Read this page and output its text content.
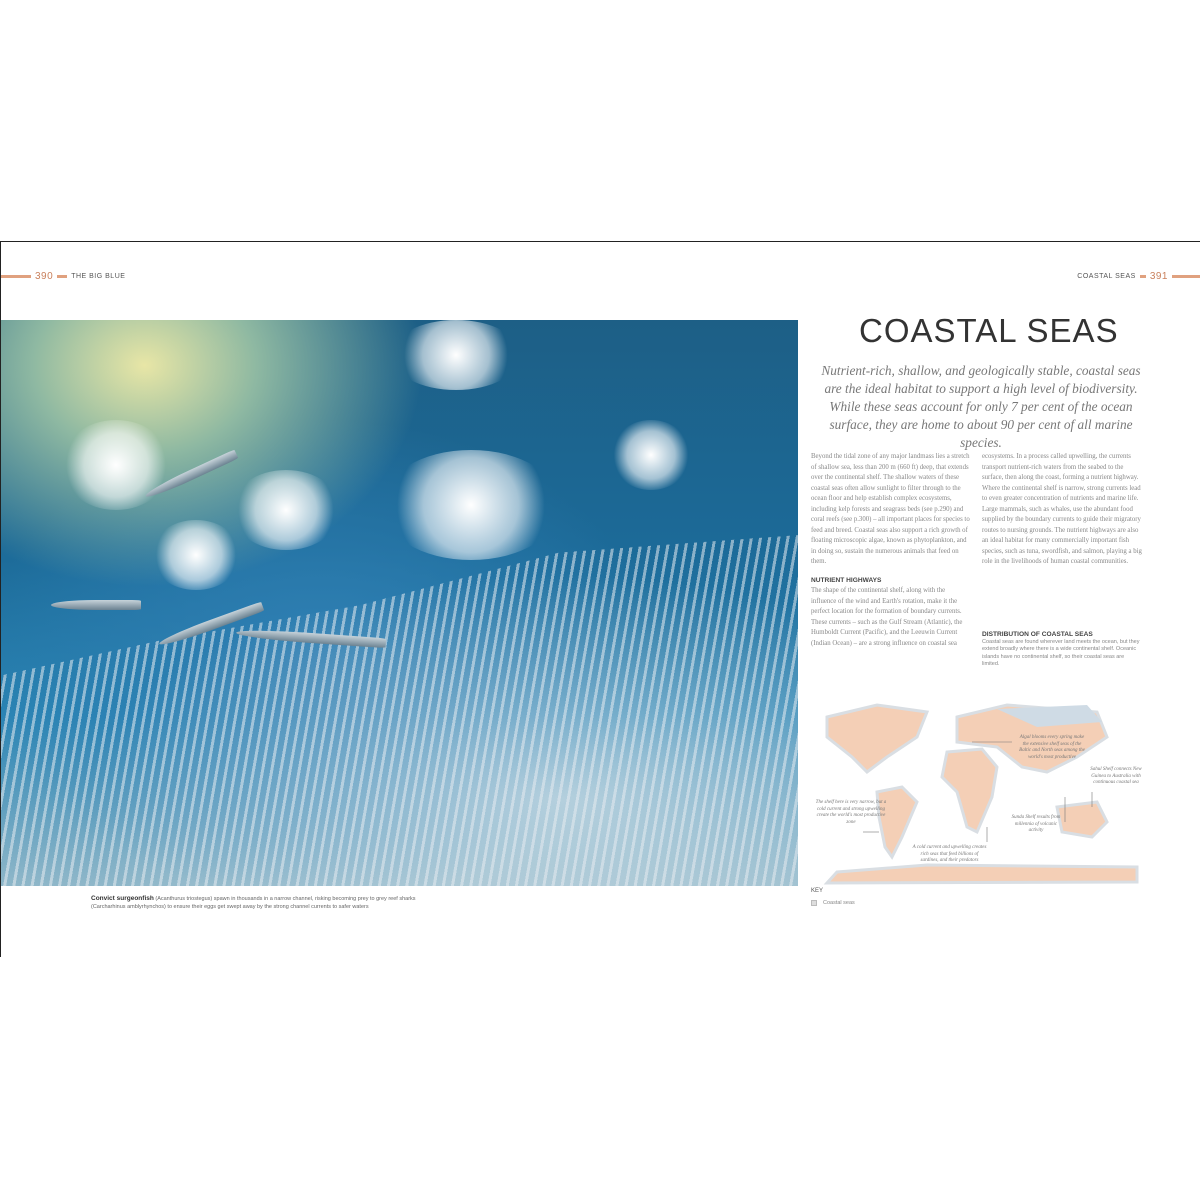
390	THE BIG BLUE	COASTAL SEAS 391
Convict surgeonfish (Acanthurus triostegus) spawn in thousands in a narrow channel, risking becoming prey to grey reef sharks (Carcharhinus amblyrhynchos) to ensure their eggs get swept away by the strong channel currents to safer waters
COASTAL SEAS
Nutrient-rich, shallow, and geologically stable, coastal seas are the ideal habitat to support a high level of biodiversity. While these seas account for only 7 per cent of the ocean surface, they are home to about 90 per cent of all marine species.

Beyond the tidal zone of any major landmass lies a stretch of shallow sea, less than 200 m (660 ft) deep, that extends over the continental shelf. The shallow waters of these coastal seas often allow sunlight to filter through to the ocean floor and help establish complex ecosystems, including kelp forests and seagrass beds (see p.290) and coral reefs (see p.300) – all important places for species to feed and breed. Coastal seas also support a rich growth of floating microscopic algae, known as phytoplankton, and in doing so, sustain the numerous animals that feed on them.

NUTRIENT HIGHWAYS

The shape of the continental shelf, along with the influence of the wind and Earth's rotation, make it the perfect location for the formation of boundary currents. These currents – such as the Gulf Stream (Atlantic), the Humboldt Current (Pacific), and the Leeuwin Current (Indian Ocean) – are a strong influence on coastal sea

ecosystems. In a process called upwelling, the currents transport nutrient-rich waters from the seabed to the surface, then along the coast, forming a nutrient highway. Where the continental shelf is narrow, strong currents lead to even greater concentration of nutrients and marine life. Large mammals, such as whales, use the abundant food supplied by the boundary currents to guide their migratory routes to nursing grounds. The nutrient highways are also an ideal habitat for many commercially important fish species, such as tuna, swordfish, and salmon, playing a big role in the livelihoods of human coastal communities.

DISTRIBUTION OF COASTAL SEAS

Coastal seas are found wherever land meets the ocean, but they extend broadly where there is a wide continental shelf. Oceanic islands have no continental shelf, so their coastal seas are limited.

Algal blooms every spring make the extensive shelf seas of the Baltic and North seas among the world's most productive
Sahul Shelf connects New Guinea to Australia with continuous coastal sea
The shelf here is very narrow, but a cold current and strong upwelling create the world's most productive zone
Sunda Shelf results from millennia of volcanic activity
A cold current and upwelling creates rich seas that feed billions of sardines, and their predators
KEY
Coastal seas
